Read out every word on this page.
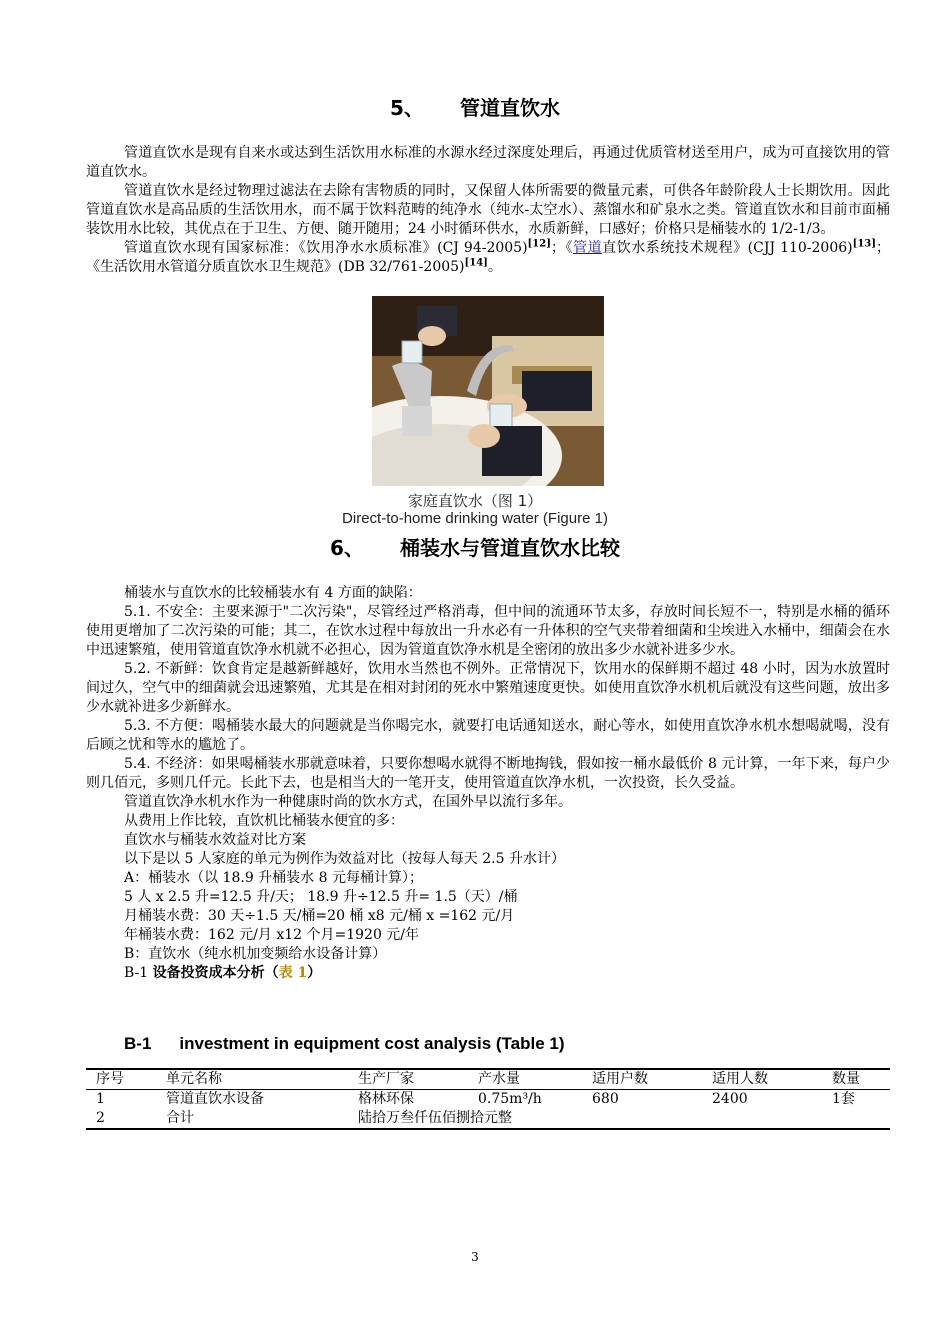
5、 管道直饮水

管道直饮水是现有自来水或达到生活饮用水标准的水源水经过深度处理后，再通过优质管材送至用户，成为可直接饮用的管道直饮水。

管道直饮水是经过物理过滤法在去除有害物质的同时，又保留人体所需要的微量元素，可供各年龄阶段人士长期饮用。因此管道直饮水是高品质的生活饮用水，而不属于饮料范畴的纯净水（纯水-太空水）、蒸馏水和矿泉水之类。管道直饮水和目前市面桶装饮用水比较，其优点在于卫生、方便、随开随用；24 小时循环供水，水质新鲜，口感好；价格只是桶装水的 1/2-1/3。

管道直饮水现有国家标准：《饮用净水水质标准》(CJ 94-2005)[12]；《管道直饮水系统技术规程》(CJJ 110-2006)[13]；《生活饮用水管道分质直饮水卫生规范》(DB 32/761-2005)[14]。

家庭直饮水（图 1）
Direct-to-home drinking water (Figure 1)
6、 桶装水与管道直饮水比较

桶装水与直饮水的比较桶装水有 4 方面的缺陷：

5.1. 不安全：主要来源于"二次污染"，尽管经过严格消毒，但中间的流通环节太多，存放时间长短不一，特别是水桶的循环使用更增加了二次污染的可能；其二，在饮水过程中每放出一升水必有一升体积的空气夹带着细菌和尘埃进入水桶中，细菌会在水中迅速繁殖，使用管道直饮净水机就不必担心，因为管道直饮净水机是全密闭的放出多少水就补进多少水。

5.2. 不新鲜：饮食肯定是越新鲜越好，饮用水当然也不例外。正常情况下，饮用水的保鲜期不超过 48 小时，因为水放置时间过久，空气中的细菌就会迅速繁殖，尤其是在相对封闭的死水中繁殖速度更快。如使用直饮净水机机后就没有这些问题，放出多少水就补进多少新鲜水。

5.3. 不方便：喝桶装水最大的问题就是当你喝完水，就要打电话通知送水，耐心等水，如使用直饮净水机水想喝就喝，没有后顾之忧和等水的尴尬了。

5.4. 不经济：如果喝桶装水那就意味着，只要你想喝水就得不断地掏钱，假如按一桶水最低价 8 元计算，一年下来，每户少则几佰元，多则几仟元。长此下去，也是相当大的一笔开支，使用管道直饮净水机，一次投资，长久受益。

管道直饮净水机水作为一种健康时尚的饮水方式，在国外早以流行多年。

从费用上作比较，直饮机比桶装水便宜的多：

直饮水与桶装水效益对比方案

以下是以 5 人家庭的单元为例作为效益对比（按每人每天 2.5 升水计）

A：桶装水（以 18.9 升桶装水 8 元每桶计算）；

5 人 x 2.5 升=12.5 升/天； 18.9 升÷12.5 升= 1.5（天）/桶

月桶装水费：30 天÷1.5 天/桶=20 桶 x8 元/桶 x =162 元/月

年桶装水费：162 元/月 x12 个月=1920 元/年

B：直饮水（纯水机加变频给水设备计算）

B-1 设备投资成本分析（表 1）

B-1 investment in equipment cost analysis (Table 1)
序号	单元名称	生产厂家	产水量	适用户数	适用人数	数量
1	管道直饮水设备	格林环保	0.75m³/h	680	2400	1套
2	合计	陆拾万叁仟伍佰捌拾元整				
3
